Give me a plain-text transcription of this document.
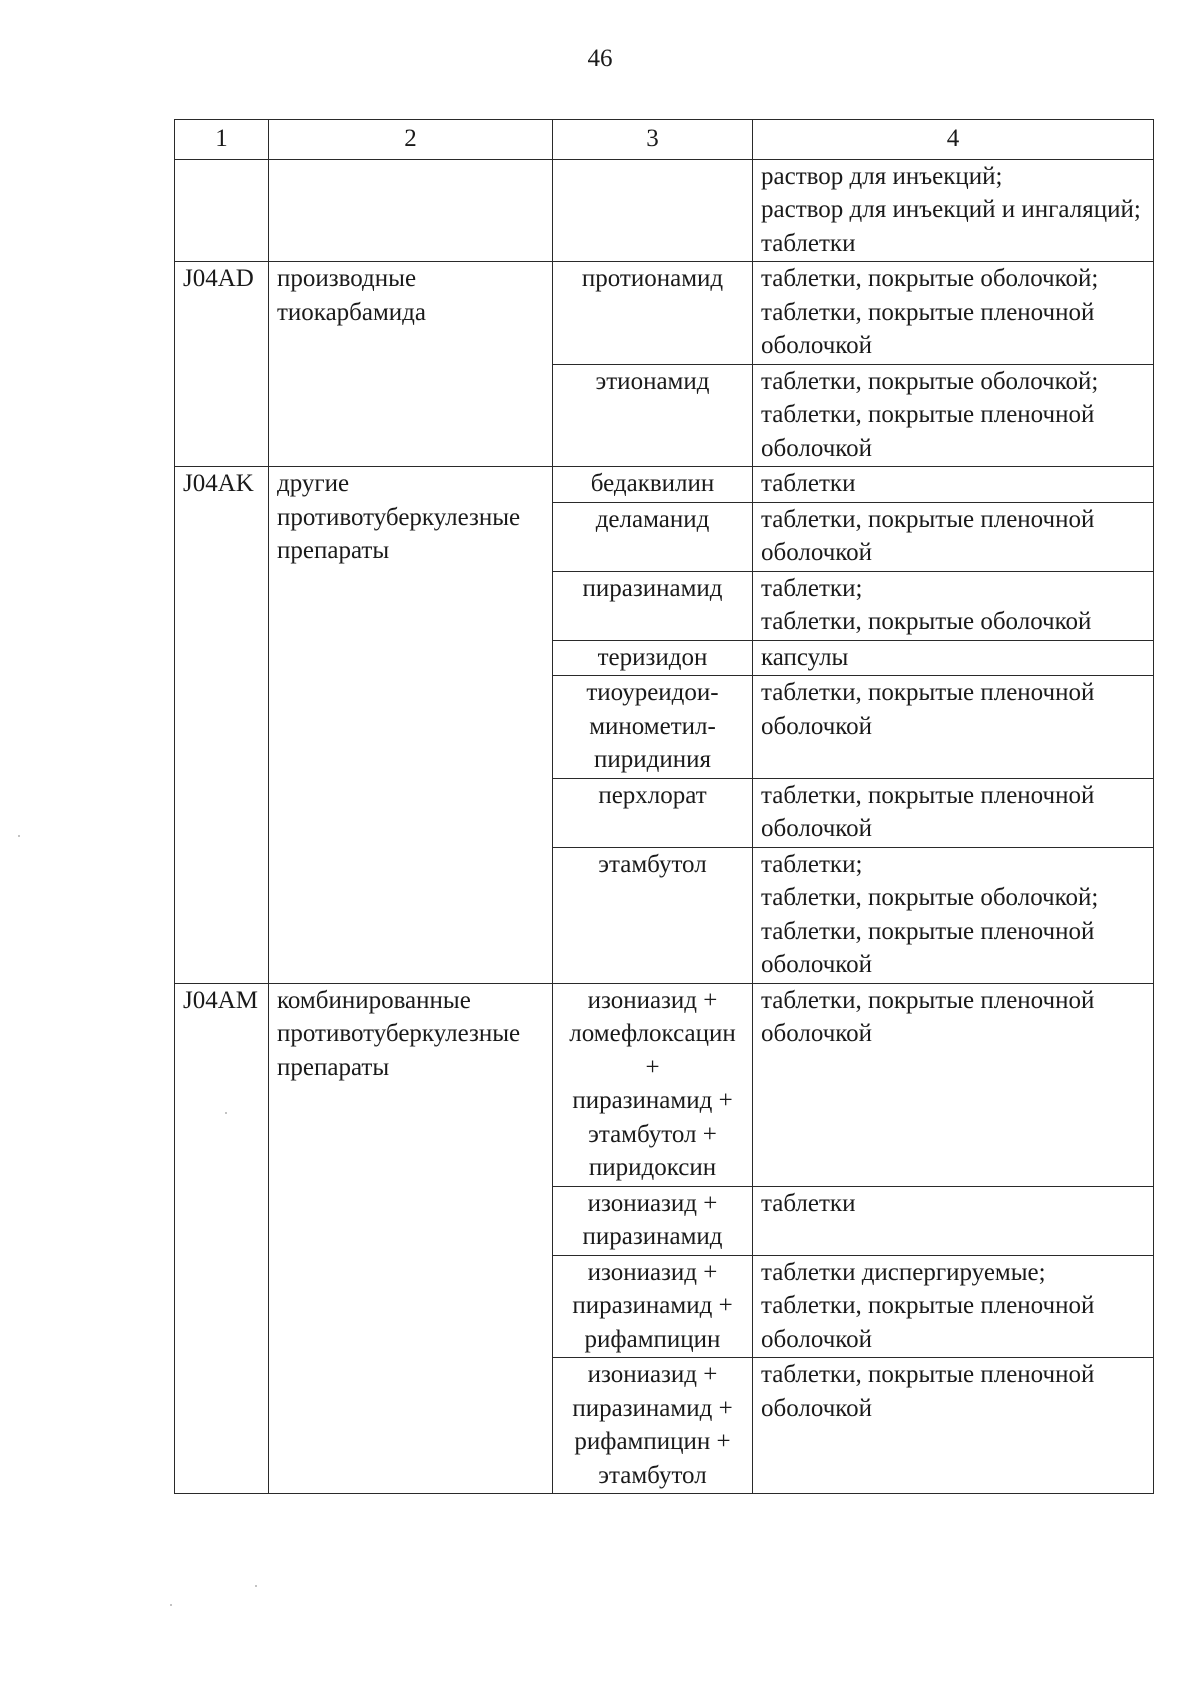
46
1	2	3	4
			раствор для инъекций;
раствор для инъекций и ингаляций;
таблетки
J04AD	производные тиокарбамида	протионамид	таблетки, покрытые оболочкой;
таблетки, покрытые пленочной оболочкой
		этионамид	таблетки, покрытые оболочкой;
таблетки, покрытые пленочной оболочкой
J04AK	другие противотуберкулезные препараты	бедаквилин	таблетки
		деламанид	таблетки, покрытые пленочной оболочкой
		пиразинамид	таблетки;
таблетки, покрытые оболочкой
		теризидон	капсулы
		тиоуреидои-
минометил-
пиридиния	таблетки, покрытые пленочной оболочкой
		перхлорат	таблетки, покрытые пленочной оболочкой
		этамбутол	таблетки;
таблетки, покрытые оболочкой;
таблетки, покрытые пленочной оболочкой
J04AM	комбинированные противотуберкулезные препараты	изониазид +
ломефлоксацин +
пиразинамид +
этамбутол +
пиридоксин	таблетки, покрытые пленочной оболочкой
		изониазид +
пиразинамид	таблетки
		изониазид +
пиразинамид +
рифампицин	таблетки диспергируемые;
таблетки, покрытые пленочной оболочкой
		изониазид +
пиразинамид +
рифампицин +
этамбутол	таблетки, покрытые пленочной оболочкой
